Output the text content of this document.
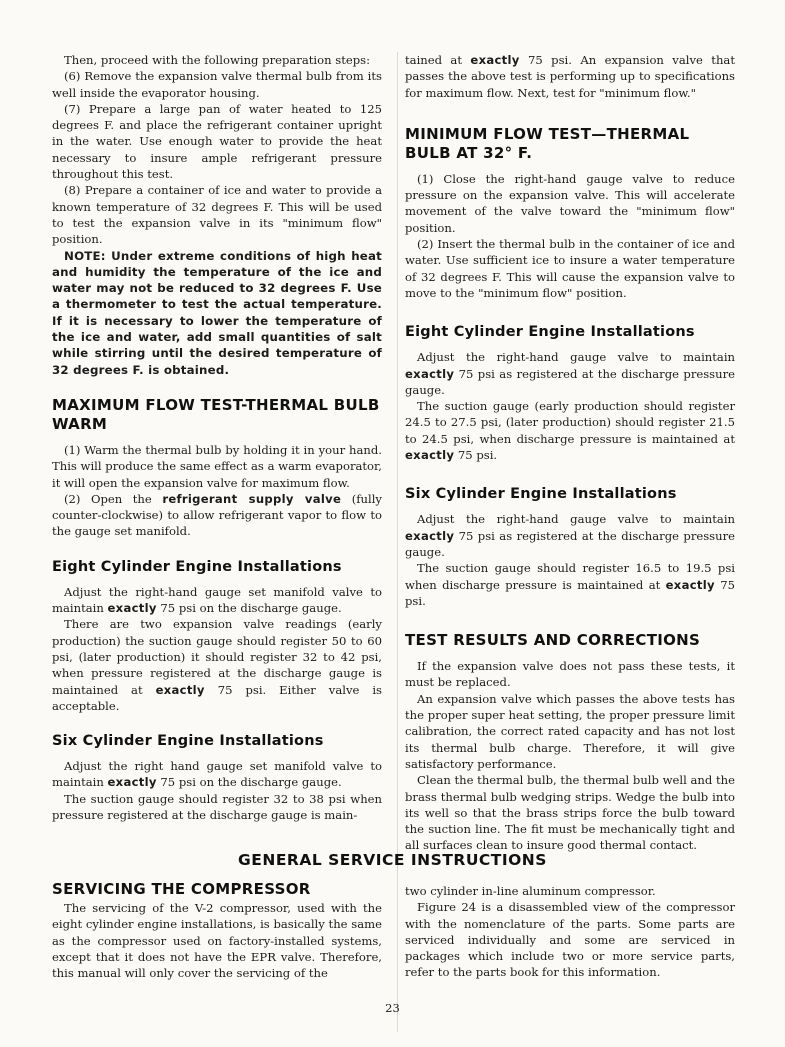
Then, proceed with the following preparation steps:

(6) Remove the expansion valve thermal bulb from its well inside the evaporator housing.

(7) Prepare a large pan of water heated to 125 degrees F. and place the refrigerant container upright in the water. Use enough water to provide the heat necessary to insure ample refrigerant pressure throughout this test.

(8) Prepare a container of ice and water to provide a known temperature of 32 degrees F. This will be used to test the expansion valve in its "minimum flow" position.

NOTE: Under extreme conditions of high heat and humidity the temperature of the ice and water may not be reduced to 32 degrees F. Use a thermometer to test the actual temperature. If it is necessary to lower the temperature of the ice and water, add small quantities of salt while stirring until the desired temperature of 32 degrees F. is obtained.

MAXIMUM FLOW TEST-THERMAL BULB WARM

(1) Warm the thermal bulb by holding it in your hand. This will produce the same effect as a warm evaporator, it will open the expansion valve for maximum flow.

(2) Open the refrigerant supply valve (fully counter-clockwise) to allow refrigerant vapor to flow to the gauge set manifold.

Eight Cylinder Engine Installations

Adjust the right-hand gauge set manifold valve to maintain exactly 75 psi on the discharge gauge.

There are two expansion valve readings (early production) the suction gauge should register 50 to 60 psi, (later production) it should register 32 to 42 psi, when pressure registered at the discharge gauge is maintained at exactly 75 psi. Either valve is acceptable.

Six Cylinder Engine Installations

Adjust the right hand gauge set manifold valve to maintain exactly 75 psi on the discharge gauge.

The suction gauge should register 32 to 38 psi when pressure registered at the discharge gauge is main-

tained at exactly 75 psi. An expansion valve that passes the above test is performing up to specifications for maximum flow. Next, test for "minimum flow."

MINIMUM FLOW TEST—THERMAL BULB AT 32° F.

(1) Close the right-hand gauge valve to reduce pressure on the expansion valve. This will accelerate movement of the valve toward the "minimum flow" position.

(2) Insert the thermal bulb in the container of ice and water. Use sufficient ice to insure a water temperature of 32 degrees F. This will cause the expansion valve to move to the "minimum flow" position.

Eight Cylinder Engine Installations

Adjust the right-hand gauge valve to maintain exactly 75 psi as registered at the discharge pressure gauge.

The suction gauge (early production should register 24.5 to 27.5 psi, (later production) should register 21.5 to 24.5 psi, when discharge pressure is maintained at exactly 75 psi.

Six Cylinder Engine Installations

Adjust the right-hand gauge valve to maintain exactly 75 psi as registered at the discharge pressure gauge.

The suction gauge should register 16.5 to 19.5 psi when discharge pressure is maintained at exactly 75 psi.

TEST RESULTS AND CORRECTIONS

If the expansion valve does not pass these tests, it must be replaced.

An expansion valve which passes the above tests has the proper super heat setting, the proper pressure limit calibration, the correct rated capacity and has not lost its thermal bulb charge. Therefore, it will give satisfactory performance.

Clean the thermal bulb, the thermal bulb well and the brass thermal bulb wedging strips. Wedge the bulb into its well so that the brass strips force the bulb toward the suction line. The fit must be mechanically tight and all surfaces clean to insure good thermal contact.

GENERAL SERVICE INSTRUCTIONS
SERVICING THE COMPRESSOR

The servicing of the V-2 compressor, used with the eight cylinder engine installations, is basically the same as the compressor used on factory-installed systems, except that it does not have the EPR valve. Therefore, this manual will only cover the servicing of the

two cylinder in-line aluminum compressor.

Figure 24 is a disassembled view of the compressor with the nomenclature of the parts. Some parts are serviced individually and some are serviced in packages which include two or more service parts, refer to the parts book for this information.

23
